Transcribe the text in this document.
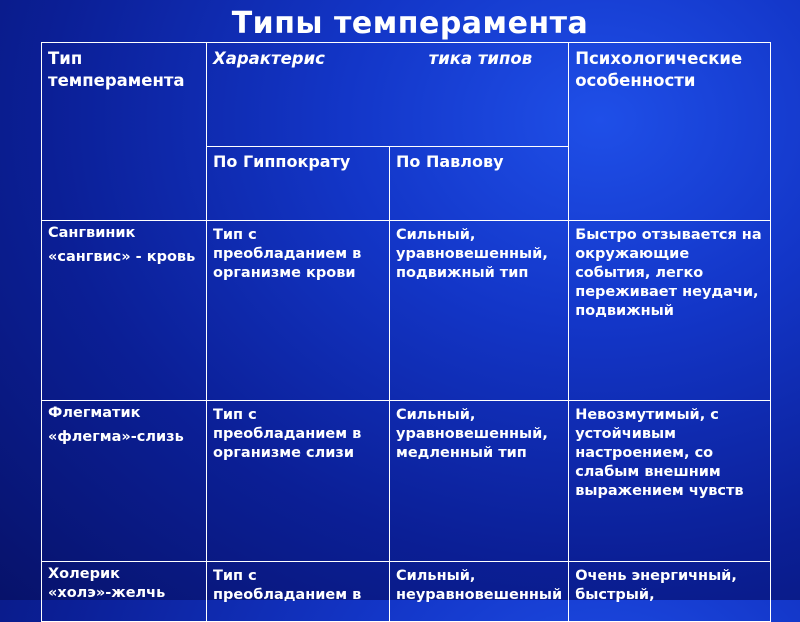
Типы темперамента
Тип темперамента	Характерис тика типов		Психологические особенности
	По Гиппократу	По Павлову	

Сангвиник
«сангвис» - кровь	Тип с преобладанием в организме крови	Сильный, уравновешенный, подвижный тип	Быстро отзывается на окружающие события, легко переживает неудачи, подвижный

Флегматик
«флегма»-слизь	Тип с преобладанием в организме слизи	Сильный, уравновешенный, медленный тип	Невозмутимый, с устойчивым настроением, со слабым внешним выражением чувств

Холерик
«холэ»-желчь	Тип с преобладанием в	Сильный, неуравновешенный	Очень энергичный, быстрый,
